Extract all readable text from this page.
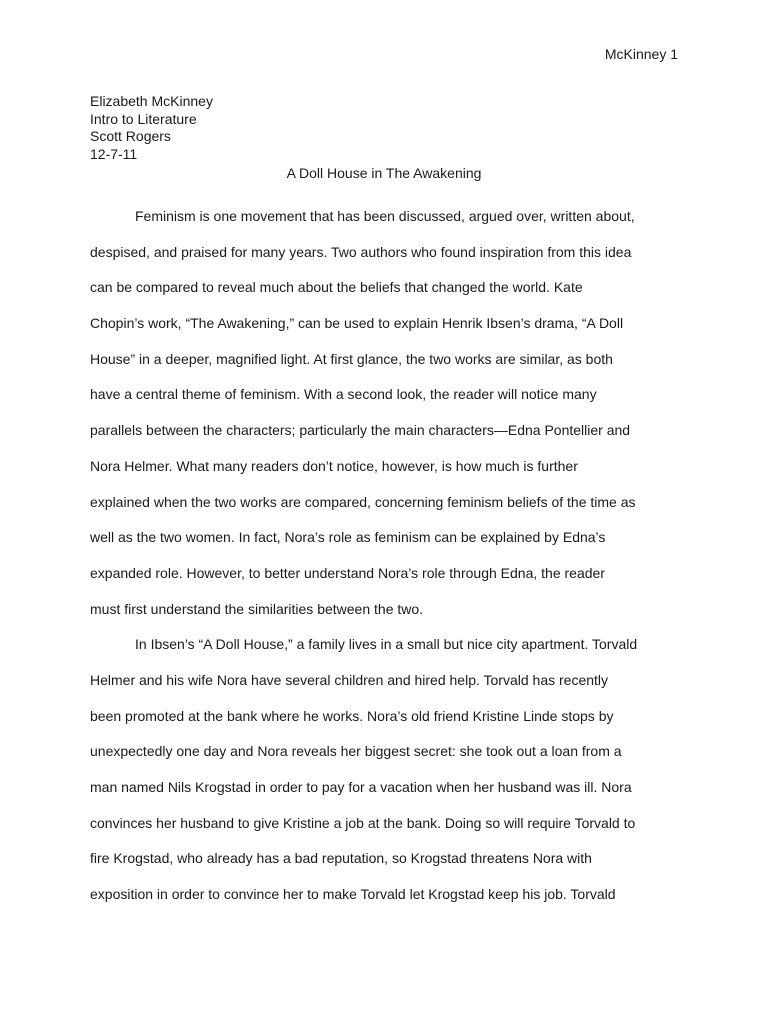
McKinney 1
Elizabeth McKinney
Intro to Literature
Scott Rogers
12-7-11
A Doll House in The Awakening
Feminism is one movement that has been discussed, argued over, written about,
despised, and praised for many years. Two authors who found inspiration from this idea
can be compared to reveal much about the beliefs that changed the world. Kate
Chopin’s work, “The Awakening,” can be used to explain Henrik Ibsen’s drama, “A Doll
House” in a deeper, magnified light. At first glance, the two works are similar, as both
have a central theme of feminism. With a second look, the reader will notice many
parallels between the characters; particularly the main characters—Edna Pontellier and
Nora Helmer. What many readers don’t notice, however, is how much is further
explained when the two works are compared, concerning feminism beliefs of the time as
well as the two women. In fact, Nora’s role as feminism can be explained by Edna’s
expanded role. However, to better understand Nora’s role through Edna, the reader
must first understand the similarities between the two.
In Ibsen’s “A Doll House,” a family lives in a small but nice city apartment. Torvald
Helmer and his wife Nora have several children and hired help. Torvald has recently
been promoted at the bank where he works. Nora’s old friend Kristine Linde stops by
unexpectedly one day and Nora reveals her biggest secret: she took out a loan from a
man named Nils Krogstad in order to pay for a vacation when her husband was ill. Nora
convinces her husband to give Kristine a job at the bank. Doing so will require Torvald to
fire Krogstad, who already has a bad reputation, so Krogstad threatens Nora with
exposition in order to convince her to make Torvald let Krogstad keep his job. Torvald
